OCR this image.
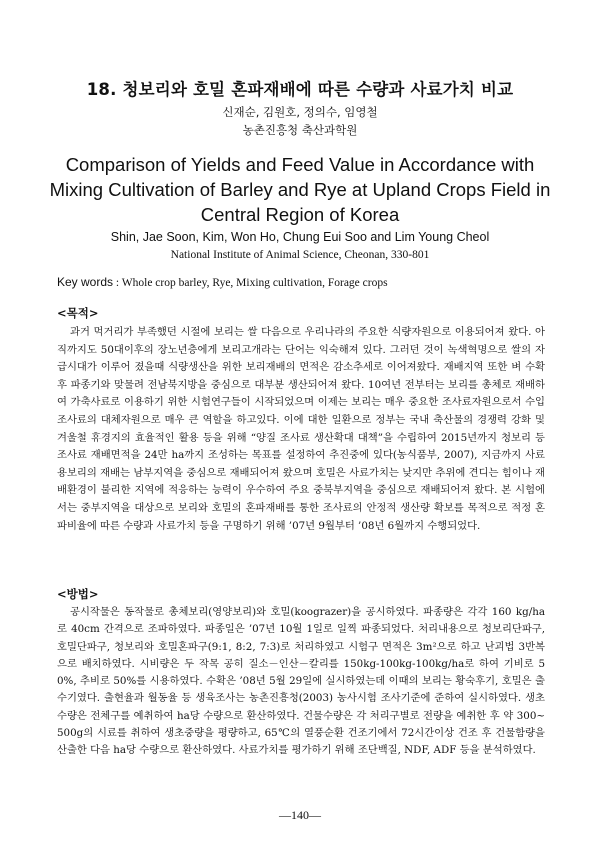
18. 청보리와 호밀 혼파재배에 따른 수량과 사료가치 비교
신재순, 김원호, 정의수, 임영철
농촌진흥청 축산과학원
Comparison of Yields and Feed Value in Accordance with Mixing Cultivation of Barley and Rye at Upland Crops Field in Central Region of Korea
Shin, Jae Soon, Kim, Won Ho, Chung Eui Soo and Lim Young Cheol
National Institute of Animal Science, Cheonan, 330-801
Key words : Whole crop barley, Rye, Mixing cultivation, Forage crops
<목적>

과거 먹거리가 부족했던 시절에 보리는 쌀 다음으로 우리나라의 주요한 식량자원으로 이용되어져 왔다. 아직까지도 50대이후의 장노년층에게 보리고개라는 단어는 익숙해져 있다. 그러던 것이 녹색혁명으로 쌀의 자급시대가 이루어 졌을때 식량생산을 위한 보리재배의 면적은 감소추세로 이어져왔다. 재배지역 또한 벼 수확후 파종기와 맞물려 전남북지방을 중심으로 대부분 생산되어져 왔다. 10여년 전부터는 보리를 총체로 재배하여 가축사료로 이용하기 위한 시험연구들이 시작되었으며 이제는 보리는 매우 중요한 조사료자원으로서 수입조사료의 대체자원으로 매우 큰 역할을 하고있다. 이에 대한 일환으로 정부는 국내 축산물의 경쟁력 강화 및 겨울철 휴경지의 효율적인 활용 등을 위해 “양질 조사료 생산확대 대책”을 수립하여 2015년까지 청보리 등 조사료 재배면적을 24만 ha까지 조성하는 목표를 설정하여 추진중에 있다(농식품부, 2007), 지금까지 사료용보리의 재배는 남부지역을 중심으로 재배되어져 왔으며 호밀은 사료가치는 낮지만 추위에 견디는 힘이나 재배환경이 불리한 지역에 적응하는 능력이 우수하여 주요 중북부지역을 중심으로 재배되어져 왔다. 본 시험에서는 중부지역을 대상으로 보리와 호밀의 혼파재배를 통한 조사료의 안정적 생산량 확보를 목적으로 적정 혼파비율에 따른 수량과 사료가치 등을 구명하기 위해 ’07년 9월부터 ’08년 6월까지 수행되었다.

<방법>

공시작물은 동작물로 총체보리(영양보리)와 호밀(koograzer)을 공시하였다. 파종량은 각각 160 kg/ha로 40cm 간격으로 조파하였다. 파종일은 ’07년 10월 1일로 일찍 파종되었다. 처리내용으로 청보리단파구, 호밀단파구, 청보리와 호밀혼파구(9:1, 8:2, 7:3)로 처리하였고 시험구 면적은 3m²으로 하고 난괴법 3반복으로 배치하였다. 시비량은 두 작목 공히 질소－인산－칼리를 150kg-100kg-100kg/ha로 하여 기비로 50%, 추비로 50%를 시용하였다. 수확은 ’08년 5월 29일에 실시하였는데 이때의 보리는 황숙후기, 호밀은 출수기였다. 출현율과 월동율 등 생육조사는 농촌진흥청(2003) 농사시험 조사기준에 준하여 실시하였다. 생초수량은 전체구를 예취하여 ha당 수량으로 환산하였다. 건물수량은 각 처리구별로 전량을 예취한 후 약 300~500g의 시료를 취하여 생초중량을 평량하고, 65℃의 열풍순환 건조기에서 72시간이상 건조 후 건물함량을 산출한 다음 ha당 수량으로 환산하였다. 사료가치를 평가하기 위해 조단백질, NDF, ADF 등을 분석하였다.

—140—
